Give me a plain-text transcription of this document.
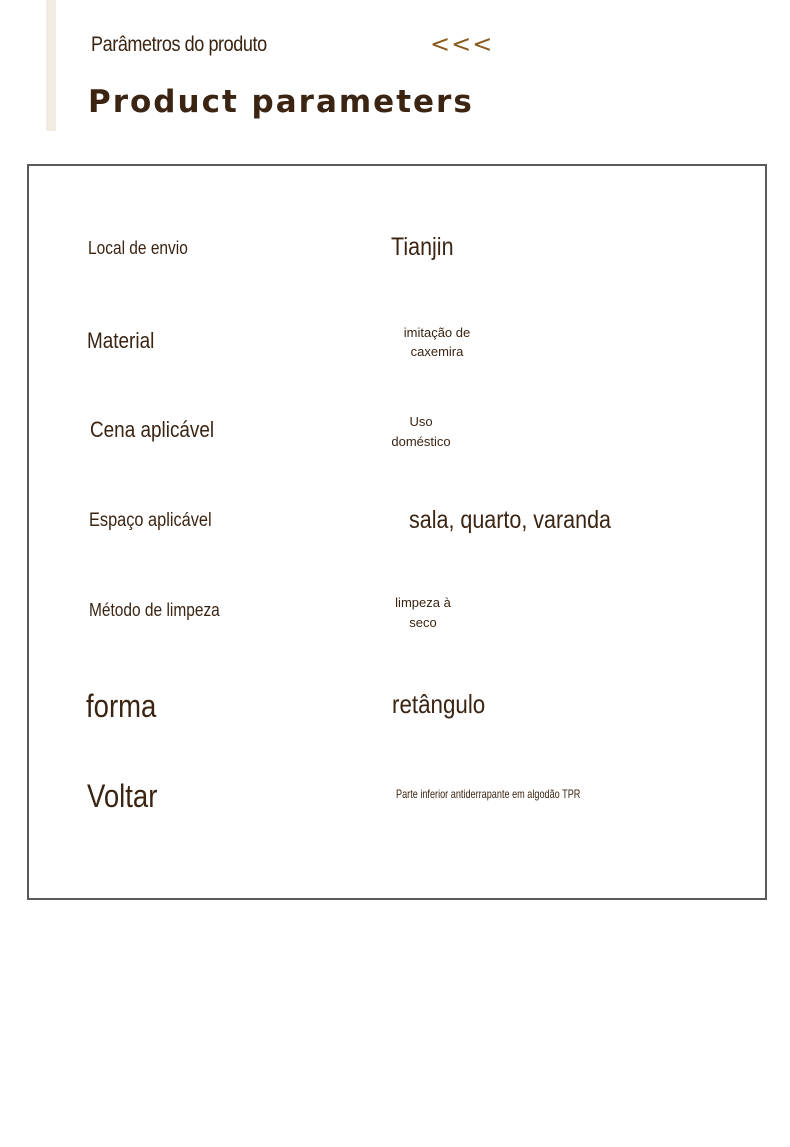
Parâmetros do produto	<<<
Product parameters
Local de envio	Tianjin
Material	imitação de
caxemira
Cena aplicável	Uso
doméstico
Espaço aplicável	sala, quarto, varanda
Método de limpeza	limpeza à
seco
forma	retângulo
Voltar	Parte inferior antiderrapante em algodão TPR
